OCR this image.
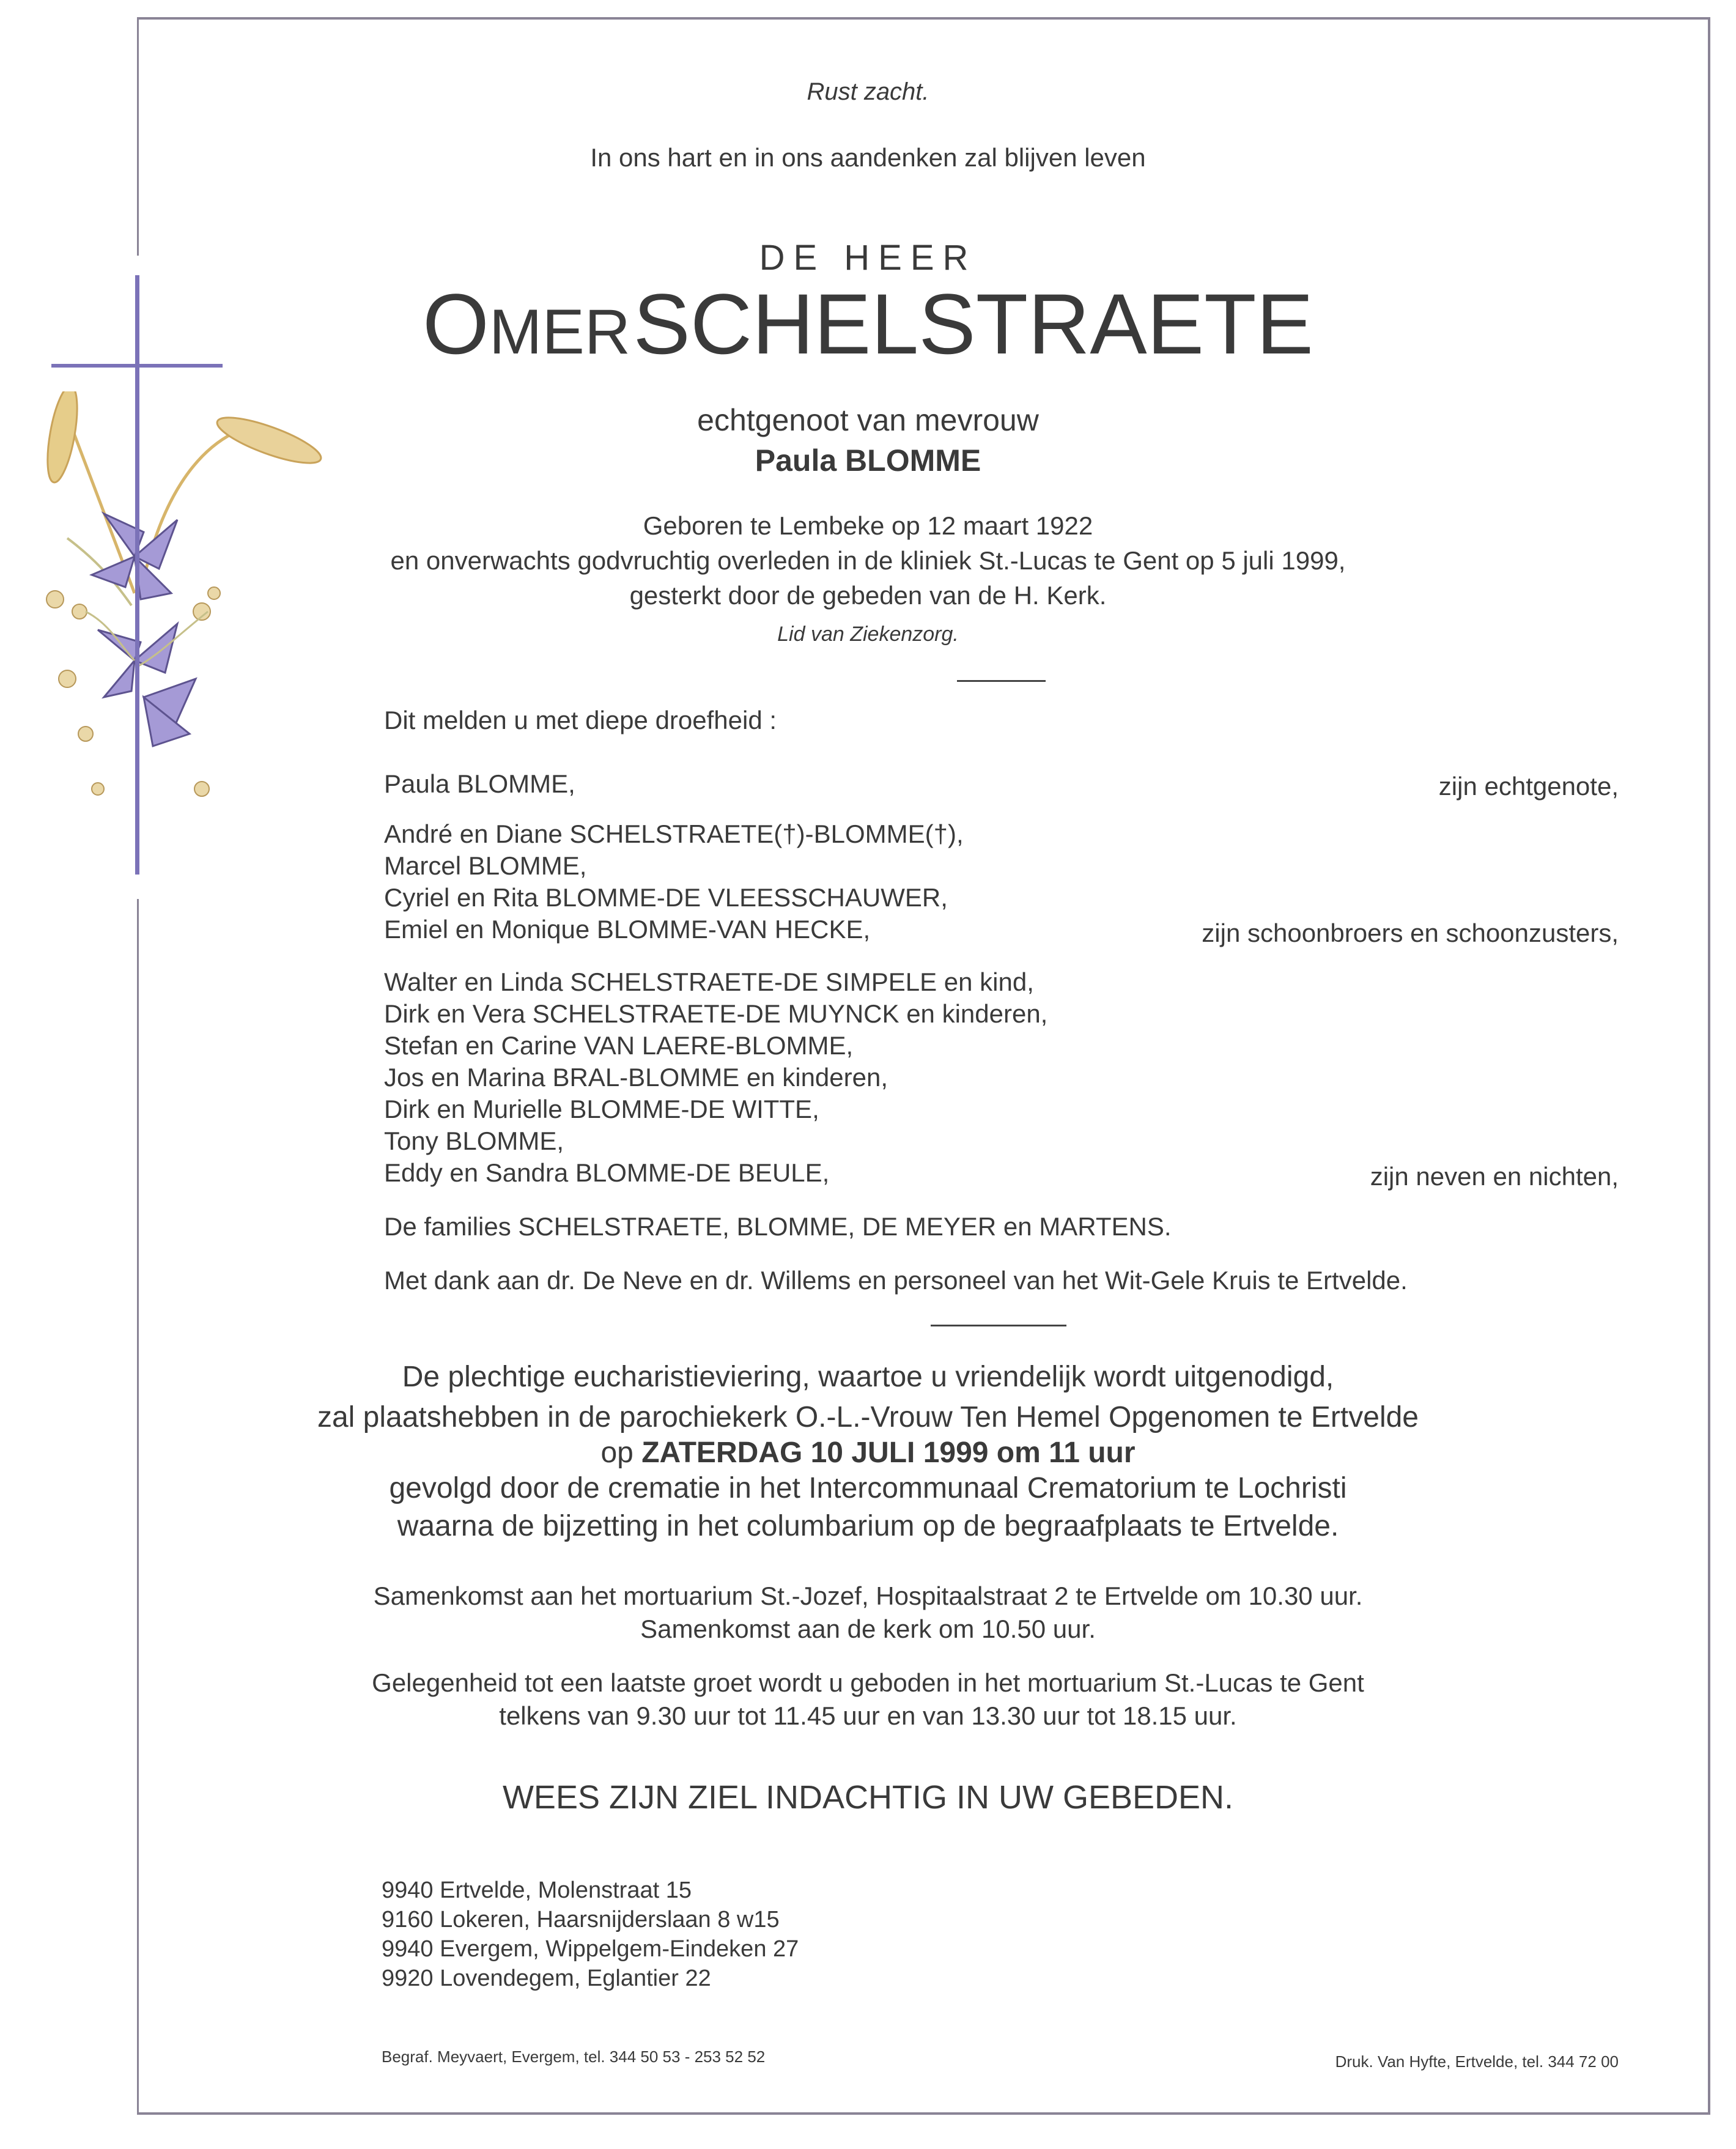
Rust zacht.

In ons hart en in ons aandenken zal blijven leven

DE HEER

OMER SCHELSTRAETE

echtgenoot van mevrouw

Paula BLOMME

Geboren te Lembeke op 12 maart 1922

en onverwachts godvruchtig overleden in de kliniek St.-Lucas te Gent op 5 juli 1999,

gesterkt door de gebeden van de H. Kerk.

Lid van Ziekenzorg.

Dit melden u met diepe droefheid :

Paula BLOMME,	zijn echtgenote,

André en Diane SCHELSTRAETE(†)-BLOMME(†),

Marcel BLOMME,

Cyriel en Rita BLOMME-DE VLEESSCHAUWER,

Emiel en Monique BLOMME-VAN HECKE,	zijn schoonbroers en schoonzusters,

Walter en Linda SCHELSTRAETE-DE SIMPELE en kind,

Dirk en Vera SCHELSTRAETE-DE MUYNCK en kinderen,

Stefan en Carine VAN LAERE-BLOMME,

Jos en Marina BRAL-BLOMME en kinderen,

Dirk en Murielle BLOMME-DE WITTE,

Tony BLOMME,

Eddy en Sandra BLOMME-DE BEULE,	zijn neven en nichten,

De families SCHELSTRAETE, BLOMME, DE MEYER en MARTENS.

Met dank aan dr. De Neve en dr. Willems en personeel van het Wit-Gele Kruis te Ertvelde.

De plechtige eucharistieviering, waartoe u vriendelijk wordt uitgenodigd,

zal plaatshebben in de parochiekerk O.-L.-Vrouw Ten Hemel Opgenomen te Ertvelde

op ZATERDAG 10 JULI 1999 om 11 uur

gevolgd door de crematie in het Intercommunaal Crematorium te Lochristi

waarna de bijzetting in het columbarium op de begraafplaats te Ertvelde.

Samenkomst aan het mortuarium St.-Jozef, Hospitaalstraat 2 te Ertvelde om 10.30 uur.

Samenkomst aan de kerk om 10.50 uur.

Gelegenheid tot een laatste groet wordt u geboden in het mortuarium St.-Lucas te Gent

telkens van 9.30 uur tot 11.45 uur en van 13.30 uur tot 18.15 uur.

WEES ZIJN ZIEL INDACHTIG IN UW GEBEDEN.

9940 Ertvelde, Molenstraat 15

9160 Lokeren, Haarsnijderslaan 8 w15

9940 Evergem, Wippelgem-Eindeken 27

9920 Lovendegem, Eglantier 22

Begraf. Meyvaert, Evergem, tel. 344 50 53 - 253 52 52	Druk. Van Hyfte, Ertvelde, tel. 344 72 00
